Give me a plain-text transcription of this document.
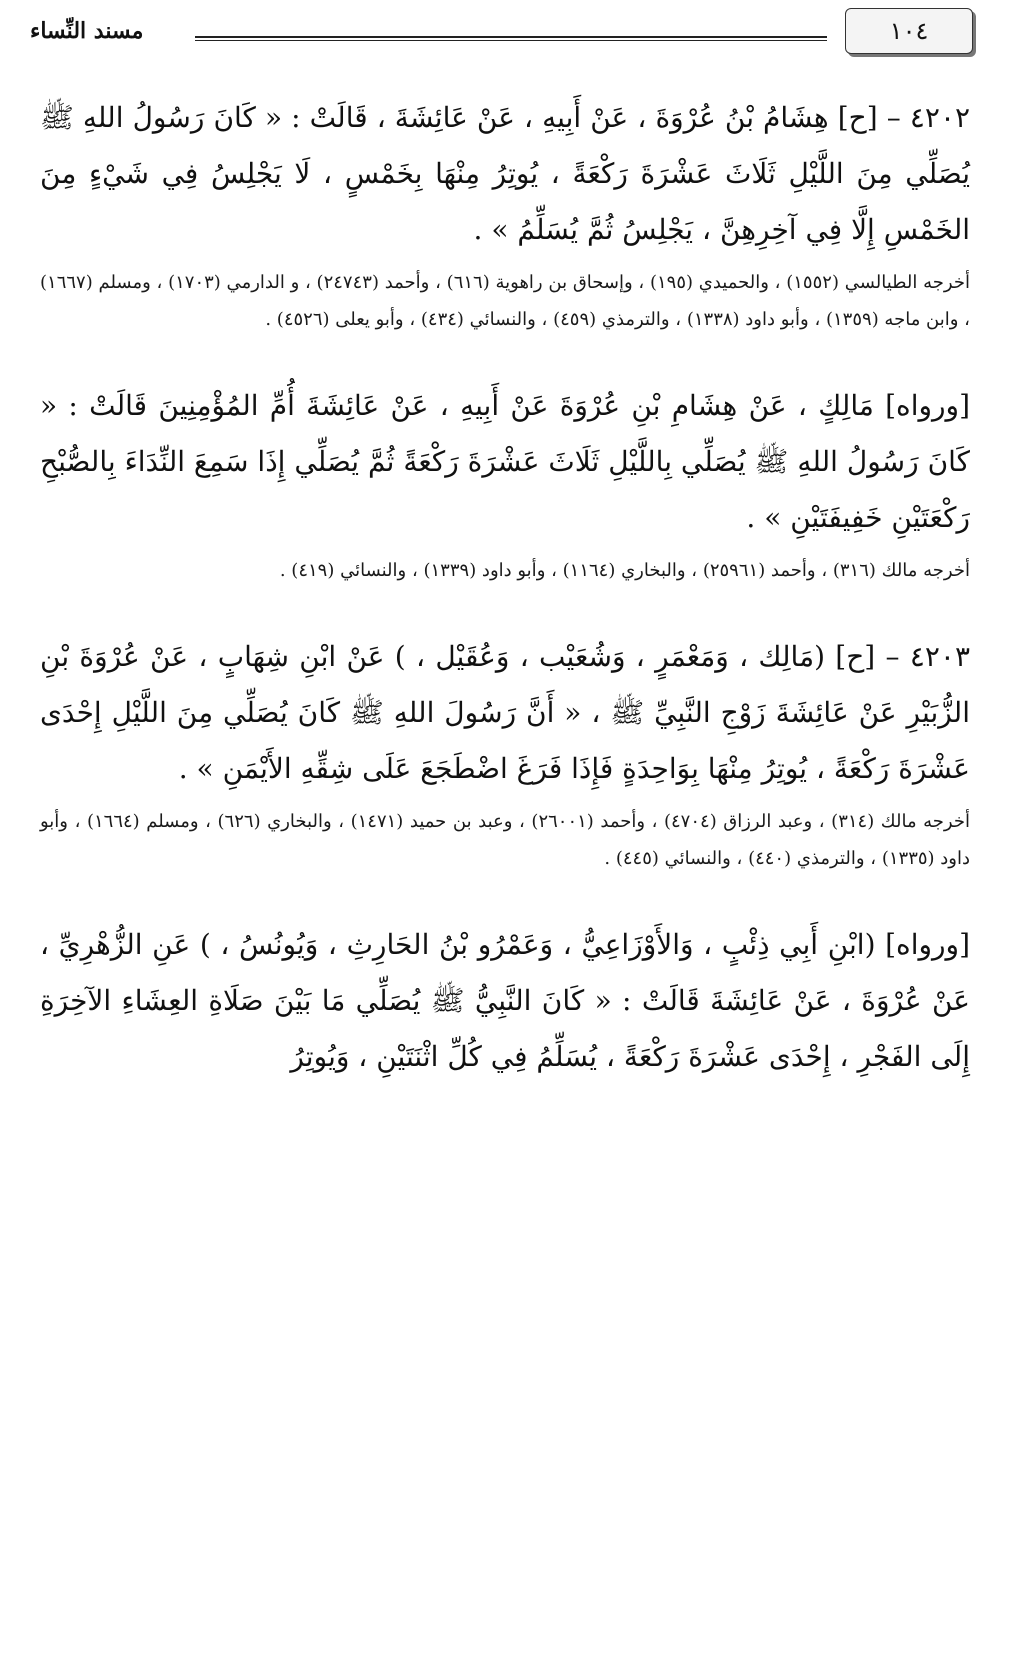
١٠٤
مسند النِّساء

٤٢٠٢ – [ح] هِشَامُ بْنُ عُرْوَةَ ، عَنْ أَبِيهِ ، عَنْ عَائِشَةَ ، قَالَتْ : « كَانَ رَسُولُ اللهِ ﷺ يُصَلِّي مِنَ اللَّيْلِ ثَلَاثَ عَشْرَةَ رَكْعَةً ، يُوتِرُ مِنْهَا بِخَمْسٍ ، لَا يَجْلِسُ فِي شَيْءٍ مِنَ الخَمْسِ إِلَّا فِي آخِرِهِنَّ ، يَجْلِسُ ثُمَّ يُسَلِّمُ » .

أخرجه الطيالسي (١٥٥٢) ، والحميدي (١٩٥) ، وإسحاق بن راهوية (٦١٦) ، وأحمد (٢٤٧٤٣) ، و الدارمي (١٧٠٣) ، ومسلم (١٦٦٧) ، وابن ماجه (١٣٥٩) ، وأبو داود (١٣٣٨) ، والترمذي (٤٥٩) ، والنسائي (٤٣٤) ، وأبو يعلى (٤٥٢٦) .

[ورواه] مَالِكٍ ، عَنْ هِشَامِ بْنِ عُرْوَةَ عَنْ أَبِيهِ ، عَنْ عَائِشَةَ أُمِّ المُؤْمِنِينَ قَالَتْ : « كَانَ رَسُولُ اللهِ ﷺ يُصَلِّي بِاللَّيْلِ ثَلَاثَ عَشْرَةَ رَكْعَةً ثُمَّ يُصَلِّي إِذَا سَمِعَ النِّدَاءَ بِالصُّبْحِ رَكْعَتَيْنِ خَفِيفَتَيْنِ » .

أخرجه مالك (٣١٦) ، وأحمد (٢٥٩٦١) ، والبخاري (١١٦٤) ، وأبو داود (١٣٣٩) ، والنسائي (٤١٩) .

٤٢٠٣ – [ح] (مَالِك ، وَمَعْمَرٍ ، وَشُعَيْب ، وَعُقَيْل ، ) عَنْ ابْنِ شِهَابٍ ، عَنْ عُرْوَةَ بْنِ الزُّبَيْرِ عَنْ عَائِشَةَ زَوْجِ النَّبِيِّ ﷺ ، « أَنَّ رَسُولَ اللهِ ﷺ كَانَ يُصَلِّي مِنَ اللَّيْلِ إِحْدَى عَشْرَةَ رَكْعَةً ، يُوتِرُ مِنْهَا بِوَاحِدَةٍ فَإِذَا فَرَغَ اضْطَجَعَ عَلَى شِقِّهِ الأَيْمَنِ » .

أخرجه مالك (٣١٤) ، وعبد الرزاق (٤٧٠٤) ، وأحمد (٢٦٠٠١) ، وعبد بن حميد (١٤٧١) ، والبخاري (٦٢٦) ، ومسلم (١٦٦٤) ، وأبو داود (١٣٣٥) ، والترمذي (٤٤٠) ، والنسائي (٤٤٥) .

[ورواه] (ابْنِ أَبِي ذِئْبٍ ، وَالأَوْزَاعِيُّ ، وَعَمْرُو بْنُ الحَارِثِ ، وَيُونُسُ ، ) عَنِ الزُّهْرِيِّ ، عَنْ عُرْوَةَ ، عَنْ عَائِشَةَ قَالَتْ : « كَانَ النَّبِيُّ ﷺ يُصَلِّي مَا بَيْنَ صَلَاةِ العِشَاءِ الآخِرَةِ إِلَى الفَجْرِ ، إِحْدَى عَشْرَةَ رَكْعَةً ، يُسَلِّمُ فِي كُلِّ اثْنَتَيْنِ ، وَيُوتِرُ
